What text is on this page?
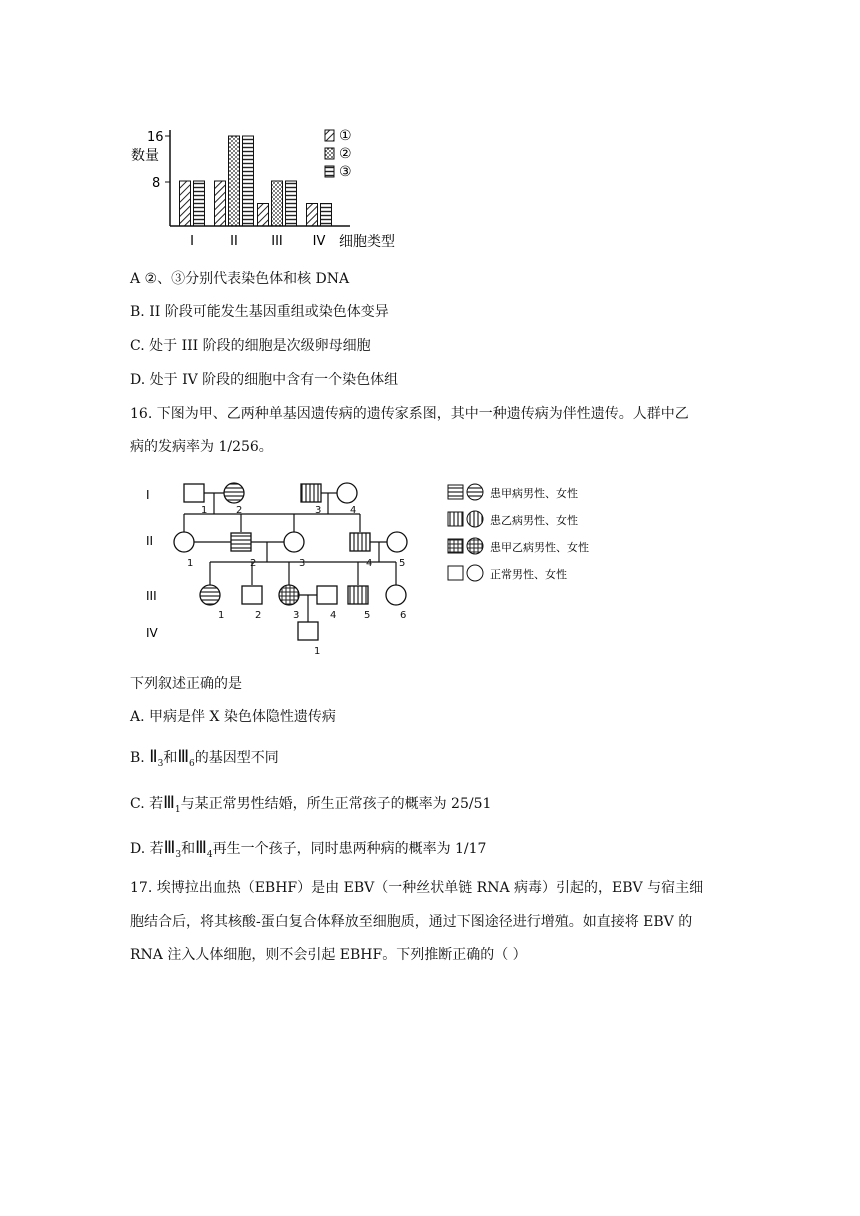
16
8
数量
I	II	III IV 细胞类型
①
②
③
A ②、③分别代表染色体和核 DNA
B. II 阶段可能发生基因重组或染色体变异
C. 处于 III 阶段的细胞是次级卵母细胞
D. 处于 IV 阶段的细胞中含有一个染色体组
16. 下图为甲、乙两种单基因遗传病的遗传家系图，其中一种遗传病为伴性遗传。人群中乙
病的发病率为 1/256。
I
II
III
IV
1	2	3	4
1	2	3	4	5
1	2	3	4	5	6
1
患甲病男性、女性
患乙病男性、女性
患甲乙病男性、女性
正常男性、女性
下列叙述正确的是
A. 甲病是伴 X 染色体隐性遗传病
B. $Ⅱ_3$和$Ⅲ_6$的基因型不同
C. 若$Ⅲ_1$与某正常男性结婚，所生正常孩子的概率为 25/51
D. 若$Ⅲ_3$和$Ⅲ_4$再生一个孩子，同时患两种病的概率为 1/17
17. 埃博拉出血热（EBHF）是由 EBV（一种丝状单链 RNA 病毒）引起的，EBV 与宿主细
胞结合后，将其核酸-蛋白复合体释放至细胞质，通过下图途径进行增殖。如直接将 EBV 的
RNA 注入人体细胞，则不会引起 EBHF。下列推断正确的（ ）
